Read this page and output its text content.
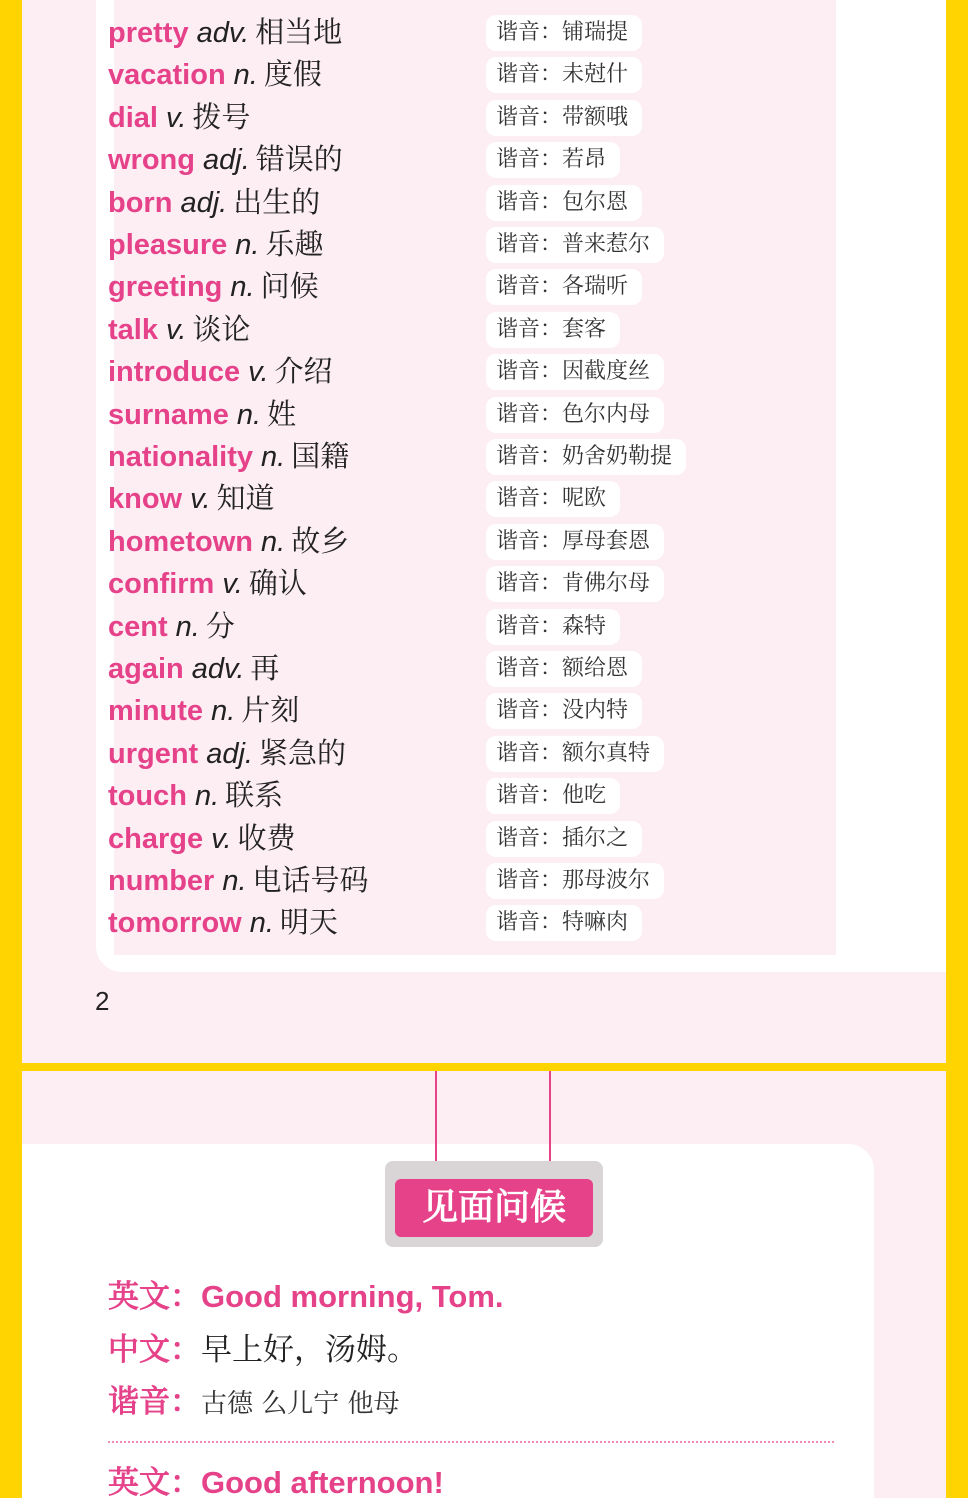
pretty adv. 相当地	谐音：铺瑞提
vacation n. 度假	谐音：未尅什
dial v. 拨号	谐音：带额哦
wrong adj. 错误的	谐音：若昂
born adj. 出生的	谐音：包尔恩
pleasure n. 乐趣	谐音：普来惹尔
greeting n. 问候	谐音：各瑞听
talk v. 谈论	谐音：套客
introduce v. 介绍	谐音：因截度丝
surname n. 姓	谐音：色尔内母
nationality n. 国籍	谐音：奶舍奶勒提
know v. 知道	谐音：呢欧
hometown n. 故乡	谐音：厚母套恩
confirm v. 确认	谐音：肯佛尔母
cent n. 分	谐音：森特
again adv. 再	谐音：额给恩
minute n. 片刻	谐音：没内特
urgent adj. 紧急的	谐音：额尔真特
touch n. 联系	谐音：他吃
charge v. 收费	谐音：插尔之
number n. 电话号码	谐音：那母波尔
tomorrow n. 明天	谐音：特嘛肉
2
见面问候
英文：Good morning, Tom.
中文：早上好，汤姆。
谐音：古德 么儿宁 他母
英文：Good afternoon!
